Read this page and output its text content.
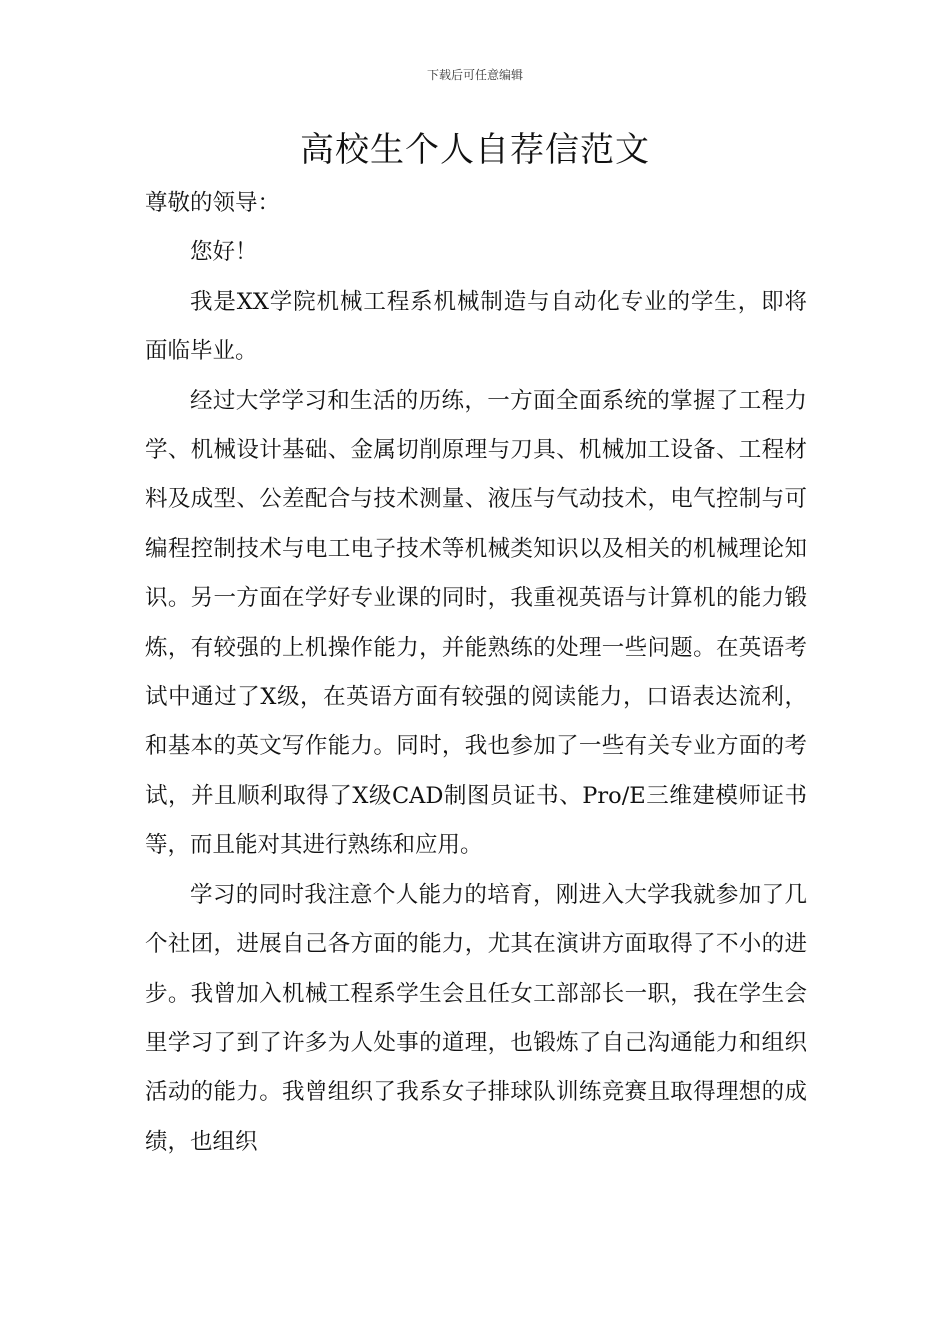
下载后可任意编辑
高校生个人自荐信范文

尊敬的领导：

您好！

我是XX学院机械工程系机械制造与自动化专业的学生，即将面临毕业。

经过大学学习和生活的历练，一方面全面系统的掌握了工程力学、机械设计基础、金属切削原理与刀具、机械加工设备、工程材料及成型、公差配合与技术测量、液压与气动技术，电气控制与可编程控制技术与电工电子技术等机械类知识以及相关的机械理论知识。另一方面在学好专业课的同时，我重视英语与计算机的能力锻炼，有较强的上机操作能力，并能熟练的处理一些问题。在英语考试中通过了X级，在英语方面有较强的阅读能力，口语表达流利，和基本的英文写作能力。同时，我也参加了一些有关专业方面的考试，并且顺利取得了X级CAD制图员证书、Pro/E三维建模师证书等，而且能对其进行熟练和应用。

学习的同时我注意个人能力的培育，刚进入大学我就参加了几个社团，进展自己各方面的能力，尤其在演讲方面取得了不小的进步。我曾加入机械工程系学生会且任女工部部长一职，我在学生会里学习了到了许多为人处事的道理，也锻炼了自己沟通能力和组织活动的能力。我曾组织了我系女子排球队训练竞赛且取得理想的成绩，也组织
